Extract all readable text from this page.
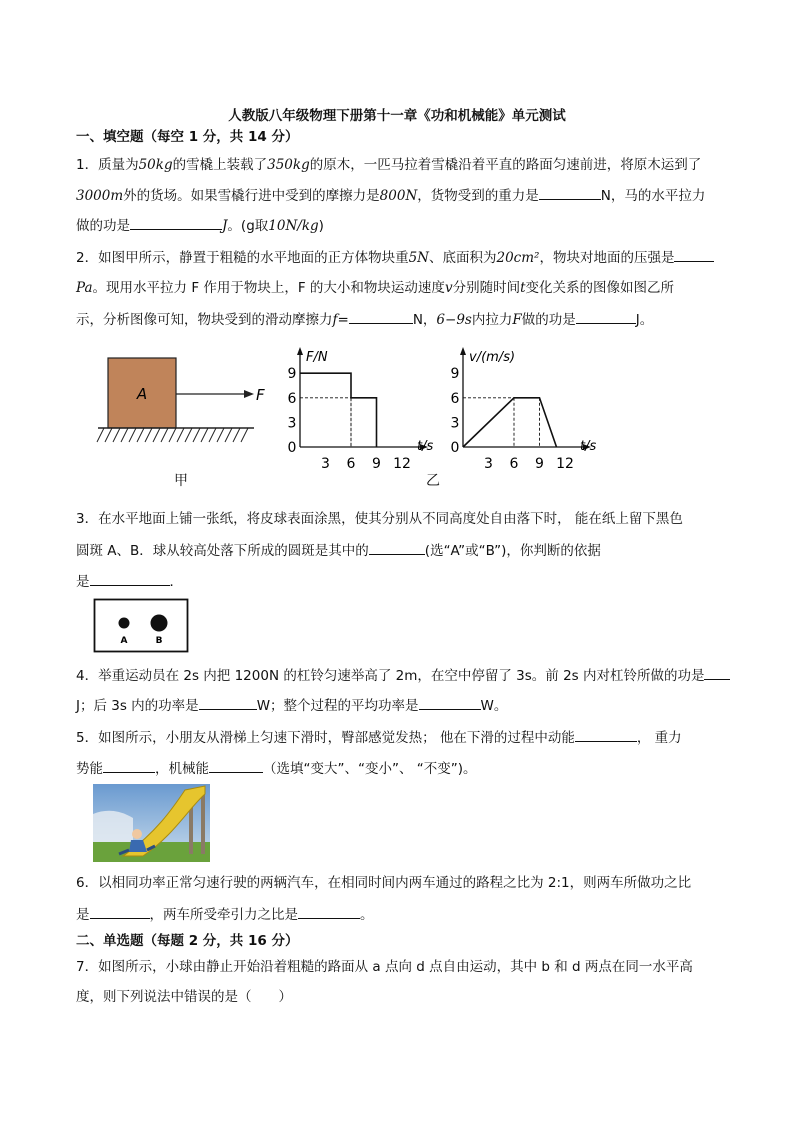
人教版八年级物理下册第十一章《功和机械能》单元测试
一、填空题（每空 1 分，共 14 分）
1．质量为50kg的雪橇上装载了350kg的原木，一匹马拉着雪橇沿着平直的路面匀速前进，将原木运到了
3000m外的货场。如果雪橇行进中受到的摩擦力是800N，货物受到的重力是	N，马的水平拉力
做的功是	J。(g取10N/kg)
2．如图甲所示，静置于粗糙的水平地面的正方体物块重5N、底面积为20cm²，物块对地面的压强是
Pa。现用水平拉力 F 作用于物块上，F 的大小和物块运动速度v分别随时间t变化关系的图像如图乙所
示，分析图像可知，物块受到的滑动摩擦力f=	N，6−9s内拉力F做的功是	J。
A	F
甲
F/N
t/s
0
3
6
9
3 6 9 12
v/(m/s)
t/s
0
3
6
9
3 6 9 12
乙
3．在水平地面上铺一张纸，将皮球表面涂黑，使其分别从不同高度处自由落下时， 能在纸上留下黑色
圆斑 A、B．球从较高处落下所成的圆斑是其中的	(选“A”或“B”)，你判断的依据
是	．
A	B
4．举重运动员在 2s 内把 1200N 的杠铃匀速举高了 2m，在空中停留了 3s。前 2s 内对杠铃所做的功是
J；后 3s 内的功率是	W；整个过程的平均功率是	W。
5．如图所示，小朋友从滑梯上匀速下滑时，臀部感觉发热； 他在下滑的过程中动能	， 重力
势能	，机械能	（选填“变大”、“变小”、 “不变”)。
6．以相同功率正常匀速行驶的两辆汽车，在相同时间内两车通过的路程之比为 2:1，则两车所做功之比
是	，两车所受牵引力之比是	。
二、单选题（每题 2 分，共 16 分）
7．如图所示，小球由静止开始沿着粗糙的路面从 a 点向 d 点自由运动，其中 b 和 d 两点在同一水平高
度，则下列说法中错误的是（　　）
